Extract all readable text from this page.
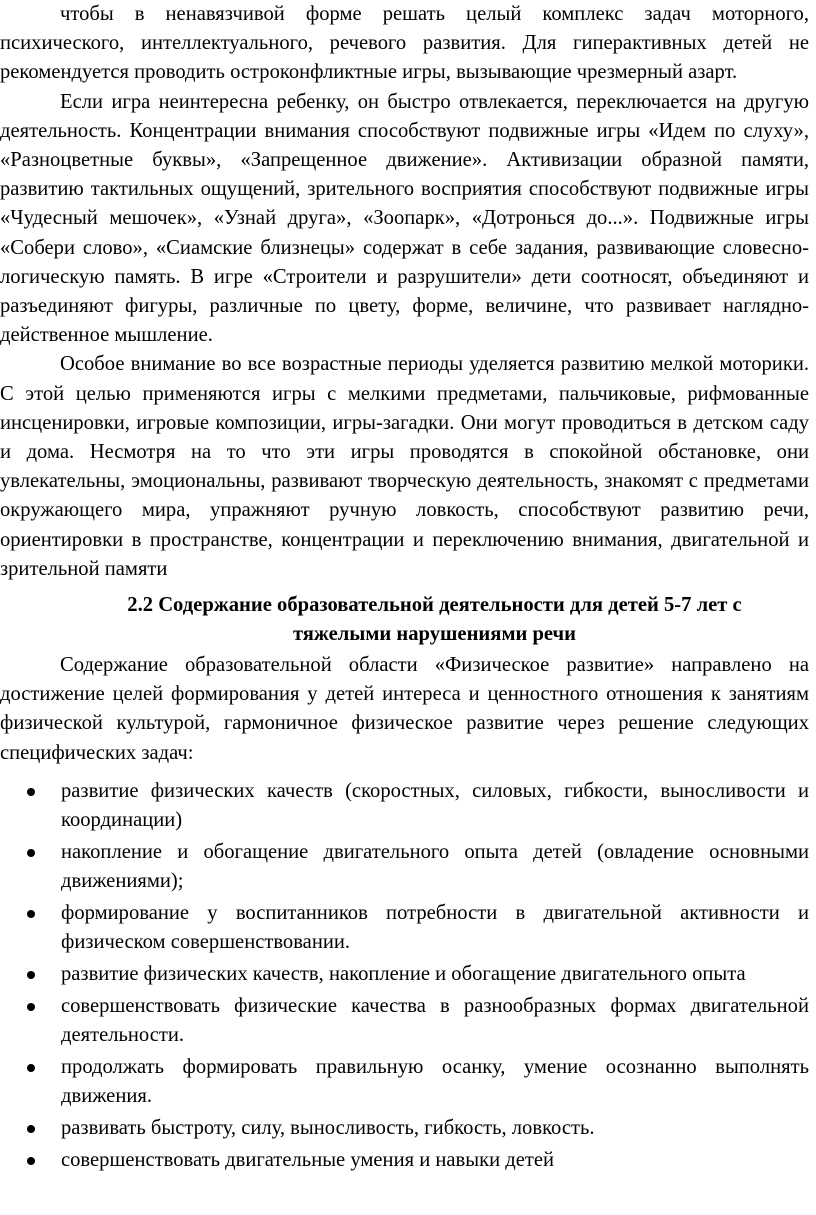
чтобы в ненавязчивой форме решать целый комплекс задач моторного, психического, интеллектуального, речевого развития. Для гиперактивных детей не рекомендуется проводить остроконфликтные игры, вызывающие чрезмерный азарт.

Если игра неинтересна ребенку, он быстро отвлекается, переключается на другую деятельность. Концентрации внимания способствуют подвижные игры «Идем по слуху», «Разноцветные буквы», «Запрещенное движение». Активизации образной памяти, развитию тактильных ощущений, зрительного восприятия способствуют подвижные игры «Чудесный мешочек», «Узнай друга», «Зоопарк», «Дотронься до...». Подвижные игры «Собери слово», «Сиамские близнецы» содержат в себе задания, развивающие словесно-логическую память. В игре «Строители и разрушители» дети соотносят, объединяют и разъединяют фигуры, различные по цвету, форме, величине, что развивает наглядно-действенное мышление.

Особое внимание во все возрастные периоды уделяется развитию мелкой моторики. С этой целью применяются игры с мелкими предметами, пальчиковые, рифмованные инсценировки, игровые композиции, игры-загадки. Они могут проводиться в детском саду и дома. Несмотря на то что эти игры проводятся в спокойной обстановке, они увлекательны, эмоциональны, развивают творческую деятельность, знакомят с предметами окружающего мира, упражняют ручную ловкость, способствуют развитию речи, ориентировки в пространстве, концентрации и переключению внимания, двигательной и зрительной памяти

2.2 Содержание образовательной деятельности для детей 5-7 лет с
тяжелыми нарушениями речи

Содержание образовательной области «Физическое развитие» направлено на достижение целей формирования у детей интереса и ценностного отношения к занятиям физической культурой, гармоничное физическое развитие через решение следующих специфических задач:

развитие физических качеств (скоростных, силовых, гибкости, выносливости и координации)
накопление и обогащение двигательного опыта детей (овладение основными движениями);
формирование у воспитанников потребности в двигательной активности и физическом совершенствовании.
развитие физических качеств, накопление и обогащение двигательного опыта
совершенствовать физические качества в разнообразных формах двигательной деятельности.
продолжать формировать правильную осанку, умение осознанно выполнять движения.
развивать быстроту, силу, выносливость, гибкость, ловкость.
совершенствовать двигательные умения и навыки детей
